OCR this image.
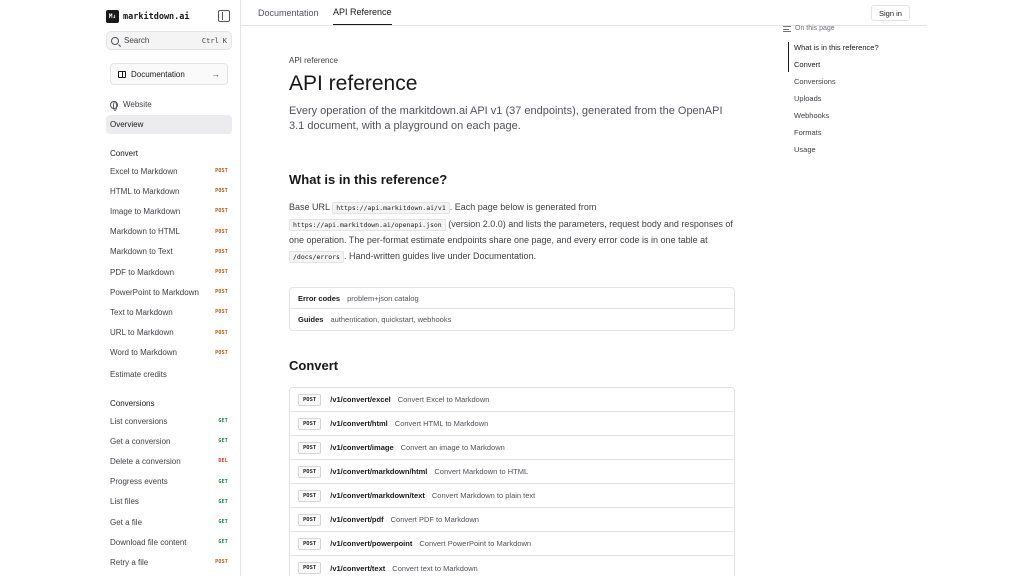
M↓ markitdown.ai
Search	Ctrl K
Documentation	→
Website
Overview
Convert
Excel to Markdown	POST
HTML to Markdown	POST
Image to Markdown	POST
Markdown to HTML	POST
Markdown to Text	POST
PDF to Markdown	POST
PowerPoint to Markdown	POST
Text to Markdown	POST
URL to Markdown	POST
Word to Markdown	POST
Estimate credits
Conversions
List conversions	GET
Get a conversion	GET
Delete a conversion	DEL
Progress events	GET
List files	GET
Get a file	GET
Download file content	GET
Retry a file	POST
Documentation API Reference	Sign in
API reference
API reference

Every operation of the markitdown.ai API v1 (37 endpoints), generated from the OpenAPI 3.1 document, with a playground on each page.

What is in this reference?

Base URL https://api.markitdown.ai/v1 . Each page below is generated from https://api.markitdown.ai/openapi.json (version 2.0.0) and lists the parameters, request body and responses of one operation. The per-format estimate endpoints share one page, and every error code is in one table at /docs/errors . Hand-written guides live under Documentation.

Error codes problem+json catalog
Guides authentication, quickstart, webhooks
Convert
POST	/v1/convert/excel Convert Excel to Markdown
POST	/v1/convert/html Convert HTML to Markdown
POST	/v1/convert/image Convert an image to Markdown
POST	/v1/convert/markdown/html Convert Markdown to HTML
POST	/v1/convert/markdown/text Convert Markdown to plain text
POST	/v1/convert/pdf Convert PDF to Markdown
POST	/v1/convert/powerpoint Convert PowerPoint to Markdown
POST	/v1/convert/text Convert text to Markdown
On this page
What is in this reference?
Convert
Conversions
Uploads
Webhooks
Formats
Usage
